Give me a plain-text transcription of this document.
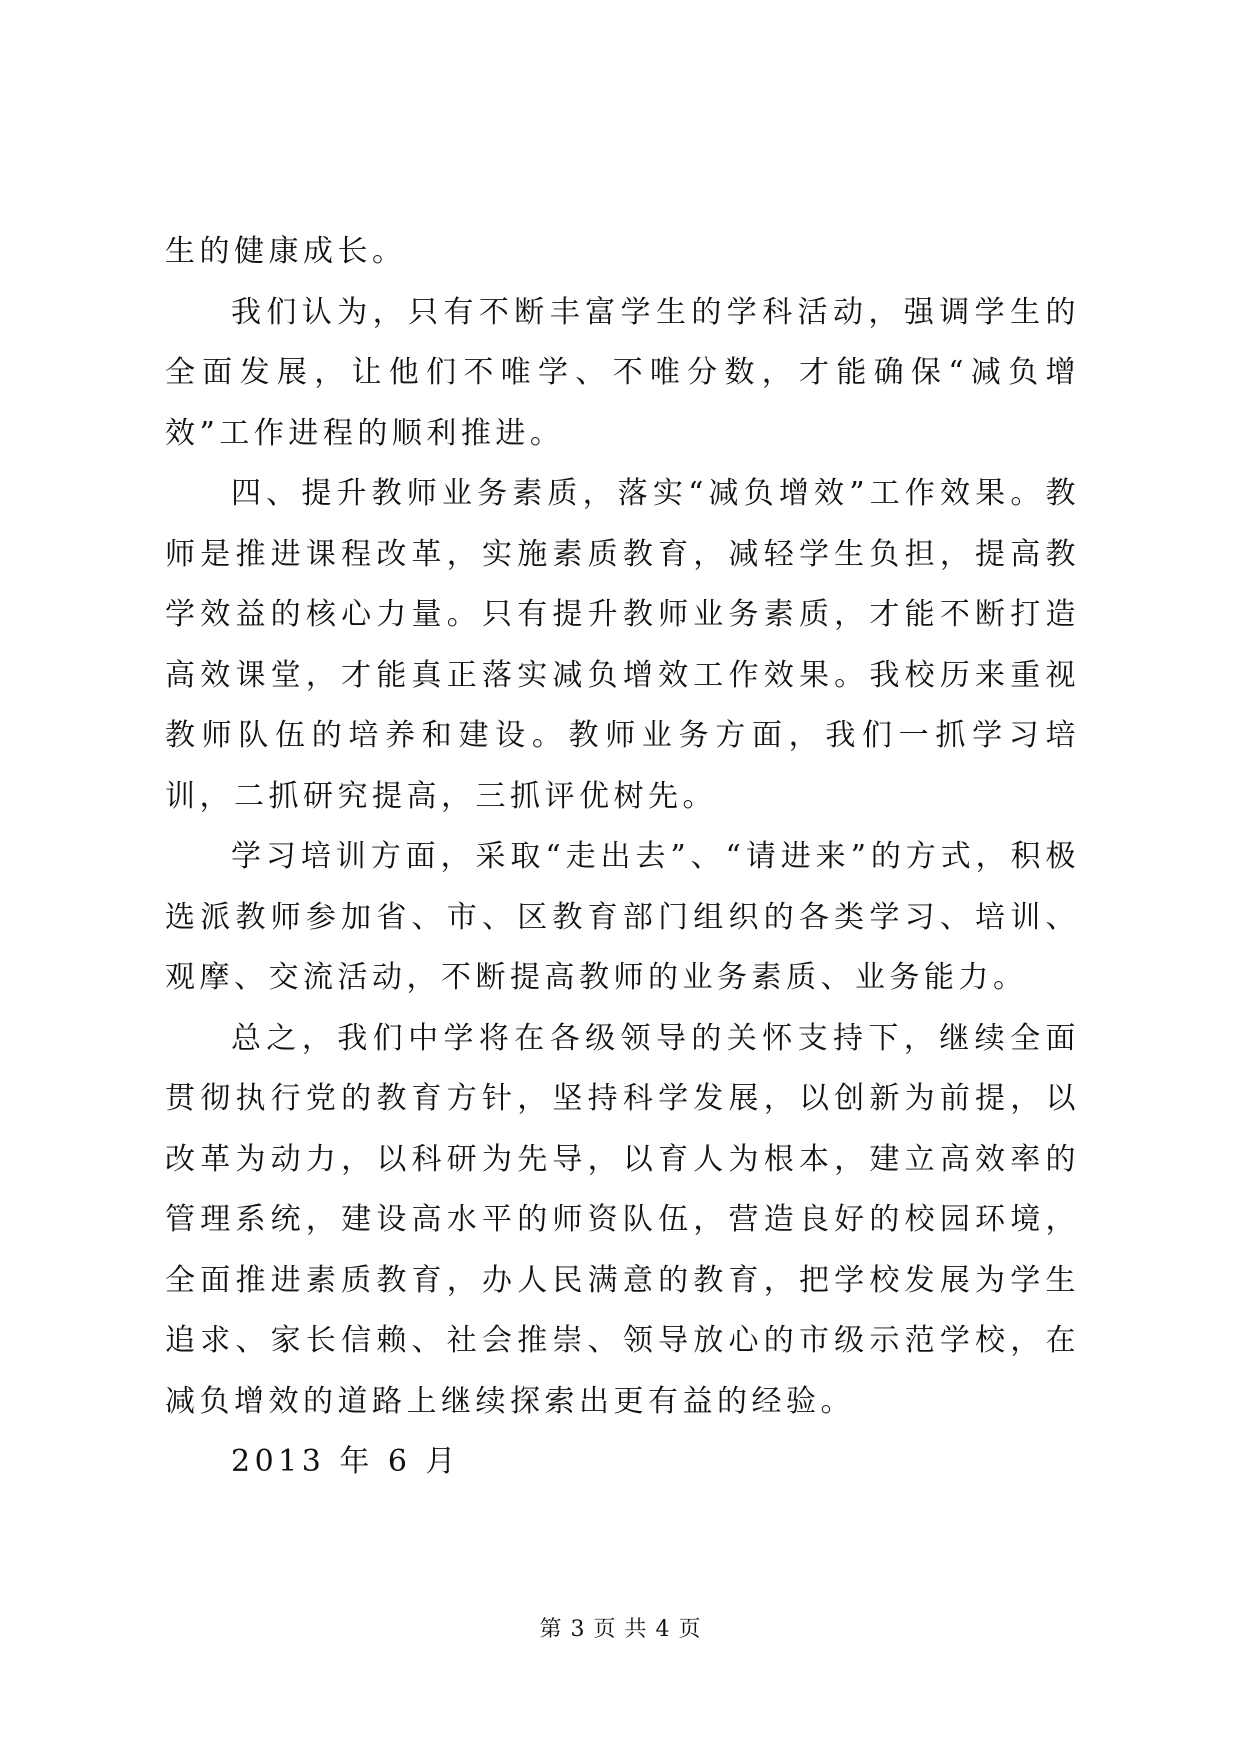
生的健康成长。

我们认为，只有不断丰富学生的学科活动，强调学生的全面发展，让他们不唯学、不唯分数，才能确保“减负增效”工作进程的顺利推进。

四、提升教师业务素质，落实“减负增效”工作效果。教师是推进课程改革，实施素质教育，减轻学生负担，提高教学效益的核心力量。只有提升教师业务素质，才能不断打造高效课堂，才能真正落实减负增效工作效果。我校历来重视教师队伍的培养和建设。教师业务方面，我们一抓学习培训，二抓研究提高，三抓评优树先。

学习培训方面，采取“走出去”、“请进来”的方式，积极选派教师参加省、市、区教育部门组织的各类学习、培训、观摩、交流活动，不断提高教师的业务素质、业务能力。

总之，我们中学将在各级领导的关怀支持下，继续全面贯彻执行党的教育方针，坚持科学发展，以创新为前提，以改革为动力，以科研为先导，以育人为根本，建立高效率的管理系统，建设高水平的师资队伍，营造良好的校园环境，全面推进素质教育，办人民满意的教育，把学校发展为学生追求、家长信赖、社会推崇、领导放心的市级示范学校，在减负增效的道路上继续探索出更有益的经验。

2013 年 6 月

第 3 页 共 4 页
